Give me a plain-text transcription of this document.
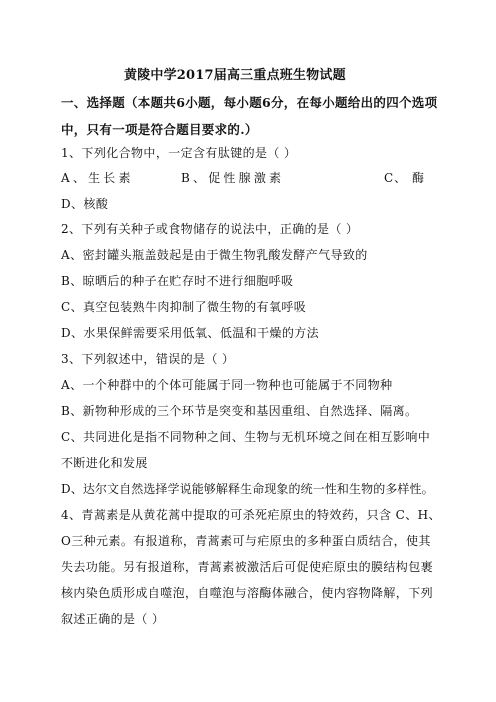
黄陵中学2017届高三重点班生物试题
一、选择题（本题共6小题，每小题6分，在每小题给出的四个选项
中，只有一项是符合题目要求的.）
1、下列化合物中，一定含有肽键的是（ ）
A、生长素	B、促性腺激素	C、 酶
D、核酸
2、下列有关种子或食物储存的说法中，正确的是（ ）
A、密封罐头瓶盖鼓起是由于微生物乳酸发酵产气导致的
B、晾晒后的种子在贮存时不进行细胞呼吸
C、真空包装熟牛肉抑制了微生物的有氧呼吸
D、水果保鲜需要采用低氧、低温和干燥的方法
3、下列叙述中，错误的是（ ）
A、一个种群中的个体可能属于同一物种也可能属于不同物种
B、新物种形成的三个环节是突变和基因重组、自然选择、隔离。
C、共同进化是指不同物种之间、生物与无机环境之间在相互影响中
不断进化和发展
D、达尔文自然选择学说能够解释生命现象的统一性和生物的多样性。
4、青蒿素是从黄花蒿中提取的可杀死疟原虫的特效药，只含 C、H、
O三种元素。有报道称，青蒿素可与疟原虫的多种蛋白质结合，使其
失去功能。另有报道称，青蒿素被激活后可促使疟原虫的膜结构包裹
核内染色质形成自噬泡，自噬泡与溶酶体融合，使内容物降解，下列
叙述正确的是（ ）
